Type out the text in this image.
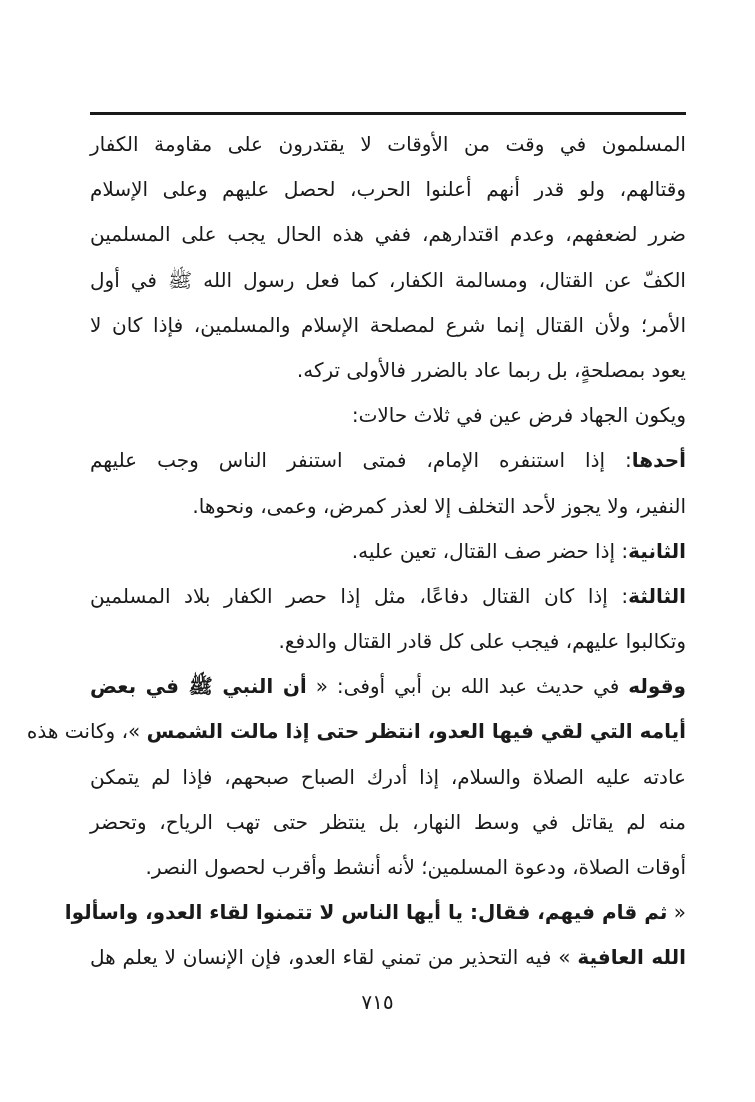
المسلمون في وقت من الأوقات لا يقتدرون على مقاومة الكفار
وقتالهم، ولو قدر أنهم أعلنوا الحرب، لحصل عليهم وعلى الإسلام
ضرر لضعفهم، وعدم اقتدارهم، ففي هذه الحال يجب على المسلمين
الكفّ عن القتال، ومسالمة الكفار، كما فعل رسول الله ﷺ في أول
الأمر؛ ولأن القتال إنما شرع لمصلحة الإسلام والمسلمين، فإذا كان لا
يعود بمصلحةٍ، بل ربما عاد بالضرر فالأولى تركه.
ويكون الجهاد فرض عين في ثلاث حالات:
أحدها: إذا استنفره الإمام، فمتى استنفر الناس وجب عليهم
النفير، ولا يجوز لأحد التخلف إلا لعذر كمرض، وعمى، ونحوها.
الثانية: إذا حضر صف القتال، تعين عليه.
الثالثة: إذا كان القتال دفاعًا، مثل إذا حصر الكفار بلاد المسلمين
وتكالبوا عليهم، فيجب على كل قادر القتال والدفع.
وقوله في حديث عبد الله بن أبي أوفى: « أن النبي ﷺ في بعض
أيامه التي لقي فيها العدو، انتظر حتى إذا مالت الشمس »، وكانت هذه
عادته عليه الصلاة والسلام، إذا أدرك الصباح صبحهم، فإذا لم يتمكن
منه لم يقاتل في وسط النهار، بل ينتظر حتى تهب الرياح، وتحضر
أوقات الصلاة، ودعوة المسلمين؛ لأنه أنشط وأقرب لحصول النصر.
« ثم قام فيهم، فقال: يا أيها الناس لا تتمنوا لقاء العدو، واسألوا
الله العافية » فيه التحذير من تمني لقاء العدو، فإن الإنسان لا يعلم هل
٧١٥
